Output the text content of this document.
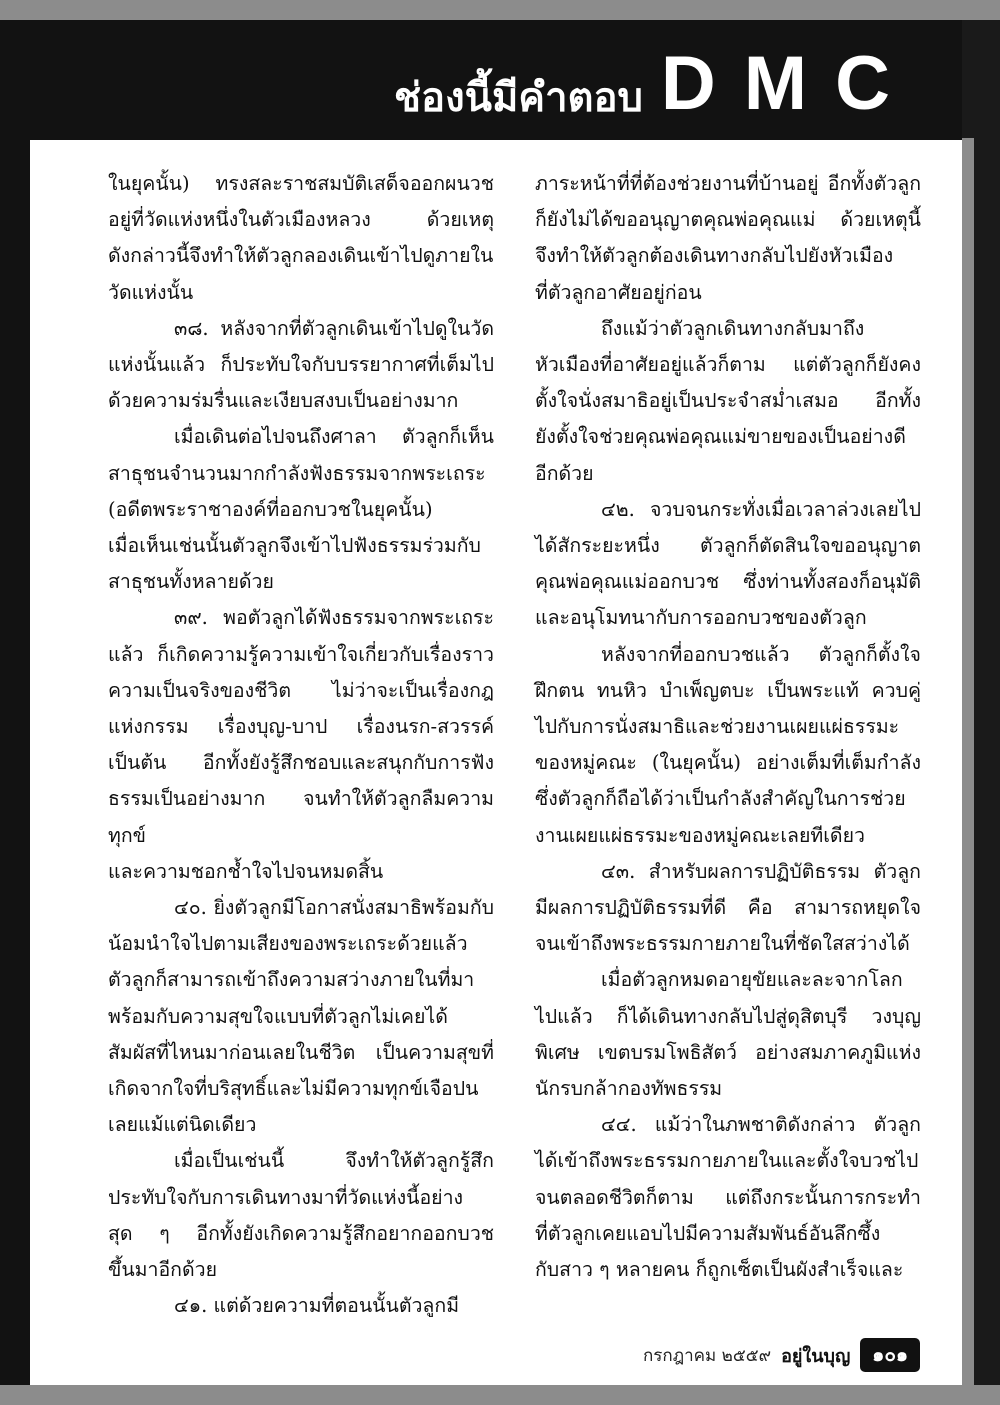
ช่องนี้มีคำตอบ DMC

ในยุคนั้น) ทรงสละราชสมบัติเสด็จออกผนวช
อยู่ที่วัดแห่งหนึ่งในตัวเมืองหลวง ด้วยเหตุ
ดังกล่าวนี้จึงทำให้ตัวลูกลองเดินเข้าไปดูภายใน
วัดแห่งนั้น

๓๘. หลังจากที่ตัวลูกเดินเข้าไปดูในวัด
แห่งนั้นแล้ว ก็ประทับใจกับบรรยากาศที่เต็มไป
ด้วยความร่มรื่นและเงียบสงบเป็นอย่างมาก

เมื่อเดินต่อไปจนถึงศาลา ตัวลูกก็เห็น
สาธุชนจำนวนมากกำลังฟังธรรมจากพระเถระ
(อดีตพระราชาองค์ที่ออกบวชในยุคนั้น)
เมื่อเห็นเช่นนั้นตัวลูกจึงเข้าไปฟังธรรมร่วมกับ
สาธุชนทั้งหลายด้วย

๓๙. พอตัวลูกได้ฟังธรรมจากพระเถระ
แล้ว ก็เกิดความรู้ความเข้าใจเกี่ยวกับเรื่องราว
ความเป็นจริงของชีวิต ไม่ว่าจะเป็นเรื่องกฎ
แห่งกรรม เรื่องบุญ-บาป เรื่องนรก-สวรรค์
เป็นต้น อีกทั้งยังรู้สึกชอบและสนุกกับการฟัง
ธรรมเป็นอย่างมาก จนทำให้ตัวลูกลืมความทุกข์
และความชอกช้ำใจไปจนหมดสิ้น

๔๐. ยิ่งตัวลูกมีโอกาสนั่งสมาธิพร้อมกับ
น้อมนำใจไปตามเสียงของพระเถระด้วยแล้ว
ตัวลูกก็สามารถเข้าถึงความสว่างภายในที่มา
พร้อมกับความสุขใจแบบที่ตัวลูกไม่เคยได้
สัมผัสที่ไหนมาก่อนเลยในชีวิต เป็นความสุขที่
เกิดจากใจที่บริสุทธิ์และไม่มีความทุกข์เจือปน
เลยแม้แต่นิดเดียว

เมื่อเป็นเช่นนี้ จึงทำให้ตัวลูกรู้สึก
ประทับใจกับการเดินทางมาที่วัดแห่งนี้อย่าง
สุด ๆ อีกทั้งยังเกิดความรู้สึกอยากออกบวช
ขึ้นมาอีกด้วย

๔๑. แต่ด้วยความที่ตอนนั้นตัวลูกมี

ภาระหน้าที่ที่ต้องช่วยงานที่บ้านอยู่ อีกทั้งตัวลูก
ก็ยังไม่ได้ขออนุญาตคุณพ่อคุณแม่ ด้วยเหตุนี้
จึงทำให้ตัวลูกต้องเดินทางกลับไปยังหัวเมือง
ที่ตัวลูกอาศัยอยู่ก่อน

ถึงแม้ว่าตัวลูกเดินทางกลับมาถึง
หัวเมืองที่อาศัยอยู่แล้วก็ตาม แต่ตัวลูกก็ยังคง
ตั้งใจนั่งสมาธิอยู่เป็นประจำสม่ำเสมอ อีกทั้ง
ยังตั้งใจช่วยคุณพ่อคุณแม่ขายของเป็นอย่างดี
อีกด้วย

๔๒. จวบจนกระทั่งเมื่อเวลาล่วงเลยไป
ได้สักระยะหนึ่ง ตัวลูกก็ตัดสินใจขออนุญาต
คุณพ่อคุณแม่ออกบวช ซึ่งท่านทั้งสองก็อนุมัติ
และอนุโมทนากับการออกบวชของตัวลูก

หลังจากที่ออกบวชแล้ว ตัวลูกก็ตั้งใจ
ฝึกตน ทนหิว บำเพ็ญตบะ เป็นพระแท้ ควบคู่
ไปกับการนั่งสมาธิและช่วยงานเผยแผ่ธรรมะ
ของหมู่คณะ (ในยุคนั้น) อย่างเต็มที่เต็มกำลัง
ซึ่งตัวลูกก็ถือได้ว่าเป็นกำลังสำคัญในการช่วย
งานเผยแผ่ธรรมะของหมู่คณะเลยทีเดียว

๔๓. สำหรับผลการปฏิบัติธรรม ตัวลูก
มีผลการปฏิบัติธรรมที่ดี คือ สามารถหยุดใจ
จนเข้าถึงพระธรรมกายภายในที่ชัดใสสว่างได้

เมื่อตัวลูกหมดอายุขัยและละจากโลก
ไปแล้ว ก็ได้เดินทางกลับไปสู่ดุสิตบุรี วงบุญ
พิเศษ เขตบรมโพธิสัตว์ อย่างสมภาคภูมิแห่ง
นักรบกล้ากองทัพธรรม

๔๔. แม้ว่าในภพชาติดังกล่าว ตัวลูก
ได้เข้าถึงพระธรรมกายภายในและตั้งใจบวชไป
จนตลอดชีวิตก็ตาม แต่ถึงกระนั้นการกระทำ
ที่ตัวลูกเคยแอบไปมีความสัมพันธ์อันลึกซึ้ง
กับสาว ๆ หลายคน ก็ถูกเซ็ตเป็นผังสำเร็จและ

กรกฎาคม ๒๕๕๙ อยู่ในบุญ	๑๐๑
